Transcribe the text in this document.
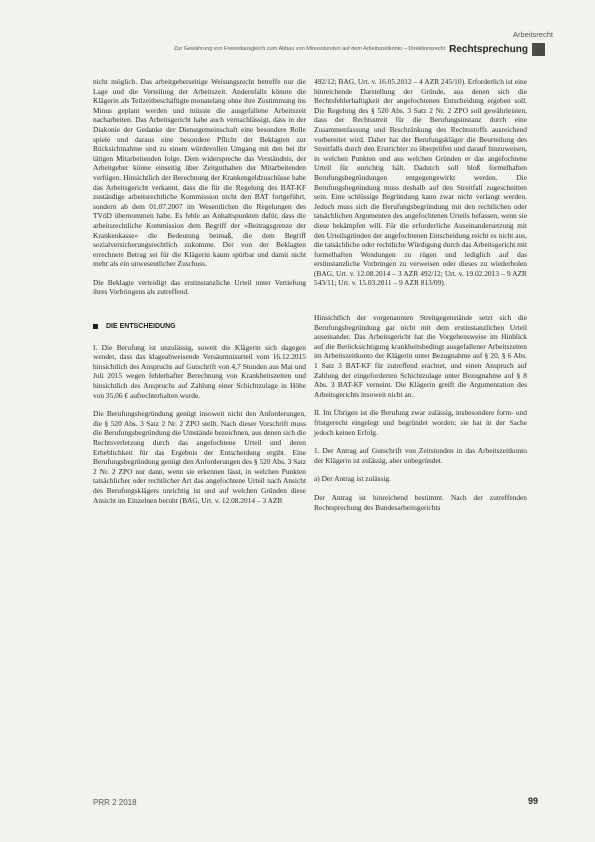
Arbeitsrecht
Zur Gewährung von Freizeitausgleich zum Abbau von Minusstunden auf dem Arbeitszeitkonto – Direktionsrecht Rechtsprechung

nicht möglich. Das arbeitgeberseitige Weisungsrecht betreffe nur die Lage und die Verteilung der Arbeitszeit. Andernfalls könnte die Klägerin als Teilzeitbeschäftigte monatelang ohne ihre Zustimmung ins Minus geplant werden und müsste die ausgefallene Arbeitszeit nacharbeiten. Das Arbeitsgericht habe auch vernachlässigt, dass in der Diakonie der Gedanke der Dienstgemeinschaft eine besondere Rolle spiele und daraus eine besondere Pflicht der Beklagten zur Rücksichtnahme und zu einem würdevollen Umgang mit den bei ihr tätigen Mitarbeitenden folge. Dem widerspreche das Verständnis, der Arbeitgeber könne einseitig über Zeitguthaben der Mitarbeitenden verfügen. Hinsichtlich der Berechnung der Krankengeldzuschüsse habe das Arbeitsgericht verkannt, dass die für die Regelung des BAT-KF zuständige arbeitsrechtliche Kommission nicht den BAT fortgeführt, sondern ab dem 01.07.2007 im Wesentlichen die Regelungen des TVöD übernommen habe. Es fehle an Anhaltspunkten dafür, dass die arbeitsrechtliche Kommission dem Begriff der »Beitragsgrenze der Krankenkasse« die Bedeutung beimaß, die dem Begriff sozialversicherungsrechtlich zukomme. Der von der Beklagten errechnete Betrag sei für die Klägerin kaum spürbar und damit nicht mehr als ein unwesentlicher Zuschuss.

Die Beklagte verteidigt das erstinstanzliche Urteil unter Vertiefung ihres Vorbringens als zutreffend.

DIE ENTSCHEIDUNG

I. Die Berufung ist unzulässig, soweit die Klägerin sich dagegen wendet, dass das klageabweisende Versäumnisurteil vom 16.12.2015 hinsichtlich des Anspruchs auf Gutschrift von 4,7 Stunden aus Mai und Juli 2015 wegen fehlerhafter Berechnung von Krankheitszeiten und hinsichtlich des Anspruchs auf Zahlung einer Schichtzulage in Höhe von 35,06 € aufrechterhalten wurde.

Die Berufungsbegründung genügt insoweit nicht den Anforderungen, die § 520 Abs. 3 Satz 2 Nr. 2 ZPO stellt. Nach dieser Vorschrift muss die Berufungsbegründung die Umstände bezeichnen, aus denen sich die Rechtsverletzung durch das angefochtene Urteil und deren Erheblichkeit für das Ergebnis der Entscheidung ergibt. Eine Berufungsbegründung genügt den Anforderungen des § 520 Abs. 3 Satz 2 Nr. 2 ZPO nur dann, wenn sie erkennen lässt, in welchen Punkten tatsächlicher oder rechtlicher Art das angefochtene Urteil nach Ansicht des Berufungsklägers unrichtig ist und auf welchen Gründen diese Ansicht im Einzelnen beruht (BAG, Urt. v. 12.08.2014 – 3 AZR

492/12; BAG, Urt. v. 16.05.2012 – 4 AZR 245/10). Erforderlich ist eine hinreichende Darstellung der Gründe, aus denen sich die Rechtsfehlerhaftigkeit der angefochtenen Entscheidung ergeben soll. Die Regelung des § 520 Abs. 3 Satz 2 Nr. 2 ZPO soll gewährleisten, dass der Rechtsstreit für die Berufungsinstanz durch eine Zusammenfassung und Beschränkung des Rechtsstoffs ausreichend vorbereitet wird. Daher hat der Berufungskläger die Beurteilung des Streitfalls durch den Erstrichter zu überprüfen und darauf hinzuweisen, in welchen Punkten und aus welchen Gründen er das angefochtene Urteil für unrichtig hält. Dadurch soll bloß formelhaften Berufungsbegründungen entgegengewirkt werden. Die Berufungsbegründung muss deshalb auf den Streitfall zugeschnitten sein. Eine schlüssige Begründung kann zwar nicht verlangt werden. Jedoch muss sich die Berufungsbegründung mit den rechtlichen oder tatsächlichen Argumenten des angefochtenen Urteils befassen, wenn sie diese bekämpfen will. Für die erforderliche Auseinandersetzung mit den Urteilsgründen der angefochtenen Entscheidung reicht es nicht aus, die tatsächliche oder rechtliche Würdigung durch das Arbeitsgericht mit formelhaften Wendungen zu rügen und lediglich auf das erstinstanzliche Vorbringen zu verweisen oder dieses zu wiederholen (BAG, Urt. v. 12.08.2014 – 3 AZR 492/12; Urt. v. 19.02.2013 – 9 AZR 543/11; Urt. v. 15.03.2011 – 9 AZR 813/09).

Hinsichtlich der vorgenannten Streitgegenstände setzt sich die Berufungsbegründung gar nicht mit dem erstinstanzlichen Urteil auseinander. Das Arbeitsgericht hat die Vorgehensweise im Hinblick auf die Berücksichtigung krankheitsbedingt ausgefallener Arbeitszeiten im Arbeitszeitkonto der Klägerin unter Bezugnahme auf § 20, § 6 Abs. 1 Satz 3 BAT-KF für zutreffend erachtet, und einen Anspruch auf Zahlung der eingeforderten Schichtzulage unter Bezugnahme auf § 8 Abs. 3 BAT-KF verneint. Die Klägerin greift die Argumentation des Arbeitsgerichts insoweit nicht an.

II. Im Übrigen ist die Berufung zwar zulässig, insbesondere form- und fristgerecht eingelegt und begründet worden; sie hat in der Sache jedoch keinen Erfolg.

1. Der Antrag auf Gutschrift von Zeitstunden in das Arbeitszeitkonto der Klägerin ist zulässig, aber unbegründet.

a) Der Antrag ist zulässig.

Der Antrag ist hinreichend bestimmt. Nach der zutreffenden Rechtsprechung des Bundesarbeitsgerichts

PRR 2 2018	99
